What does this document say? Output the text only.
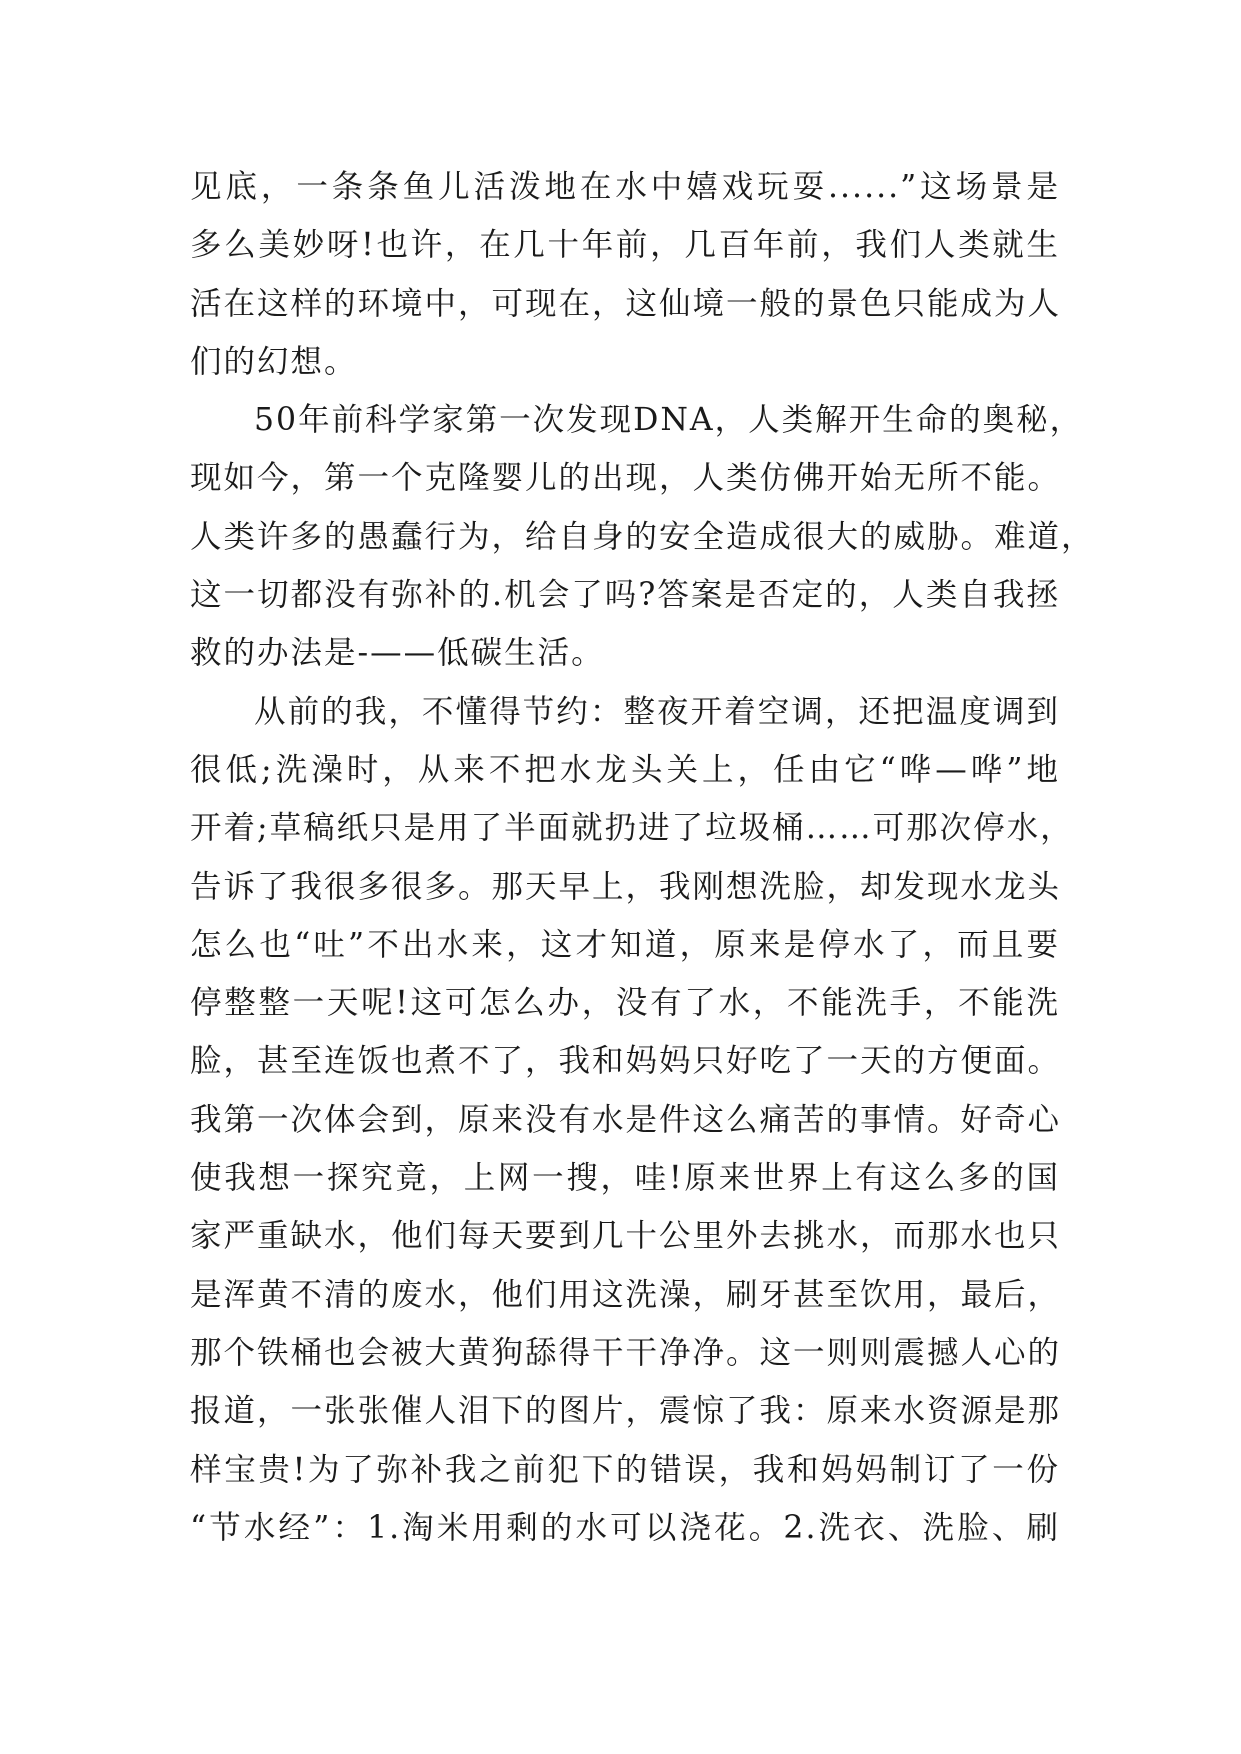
见底，一条条鱼儿活泼地在水中嬉戏玩耍......”这场景是
多么美妙呀!也许，在几十年前，几百年前，我们人类就生
活在这样的环境中，可现在，这仙境一般的景色只能成为人
们的幻想。
50年前科学家第一次发现DNA，人类解开生命的奥秘，
现如今，第一个克隆婴儿的出现，人类仿佛开始无所不能。
人类许多的愚蠢行为，给自身的安全造成很大的威胁。难道，
这一切都没有弥补的.机会了吗?答案是否定的，人类自我拯
救的办法是-——低碳生活。
从前的我，不懂得节约：整夜开着空调，还把温度调到
很低;洗澡时，从来不把水龙头关上，任由它“哗—哗”地
开着;草稿纸只是用了半面就扔进了垃圾桶……可那次停水，
告诉了我很多很多。那天早上，我刚想洗脸，却发现水龙头
怎么也“吐”不出水来，这才知道，原来是停水了，而且要
停整整一天呢!这可怎么办，没有了水，不能洗手，不能洗
脸，甚至连饭也煮不了，我和妈妈只好吃了一天的方便面。
我第一次体会到，原来没有水是件这么痛苦的事情。好奇心
使我想一探究竟，上网一搜，哇!原来世界上有这么多的国
家严重缺水，他们每天要到几十公里外去挑水，而那水也只
是浑黄不清的废水，他们用这洗澡，刷牙甚至饮用，最后，
那个铁桶也会被大黄狗舔得干干净净。这一则则震撼人心的
报道，一张张催人泪下的图片，震惊了我：原来水资源是那
样宝贵!为了弥补我之前犯下的错误，我和妈妈制订了一份
“节水经”：1.淘米用剩的水可以浇花。2.洗衣、洗脸、刷
